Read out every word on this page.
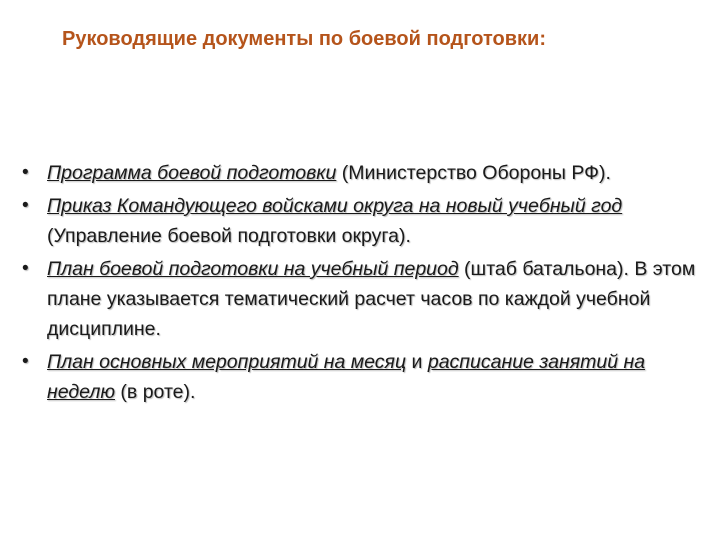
Руководящие документы по боевой подготовки:
• Программа боевой подготовки (Министерство Обороны РФ).
• Приказ Командующего войсками округа на новый учебный год (Управление боевой подготовки округа).
• План боевой подготовки на учебный период (штаб батальона). В этом плане указывается тематический расчет часов по каждой учебной дисциплине.
• План основных мероприятий на месяц и расписание занятий на неделю (в роте).
